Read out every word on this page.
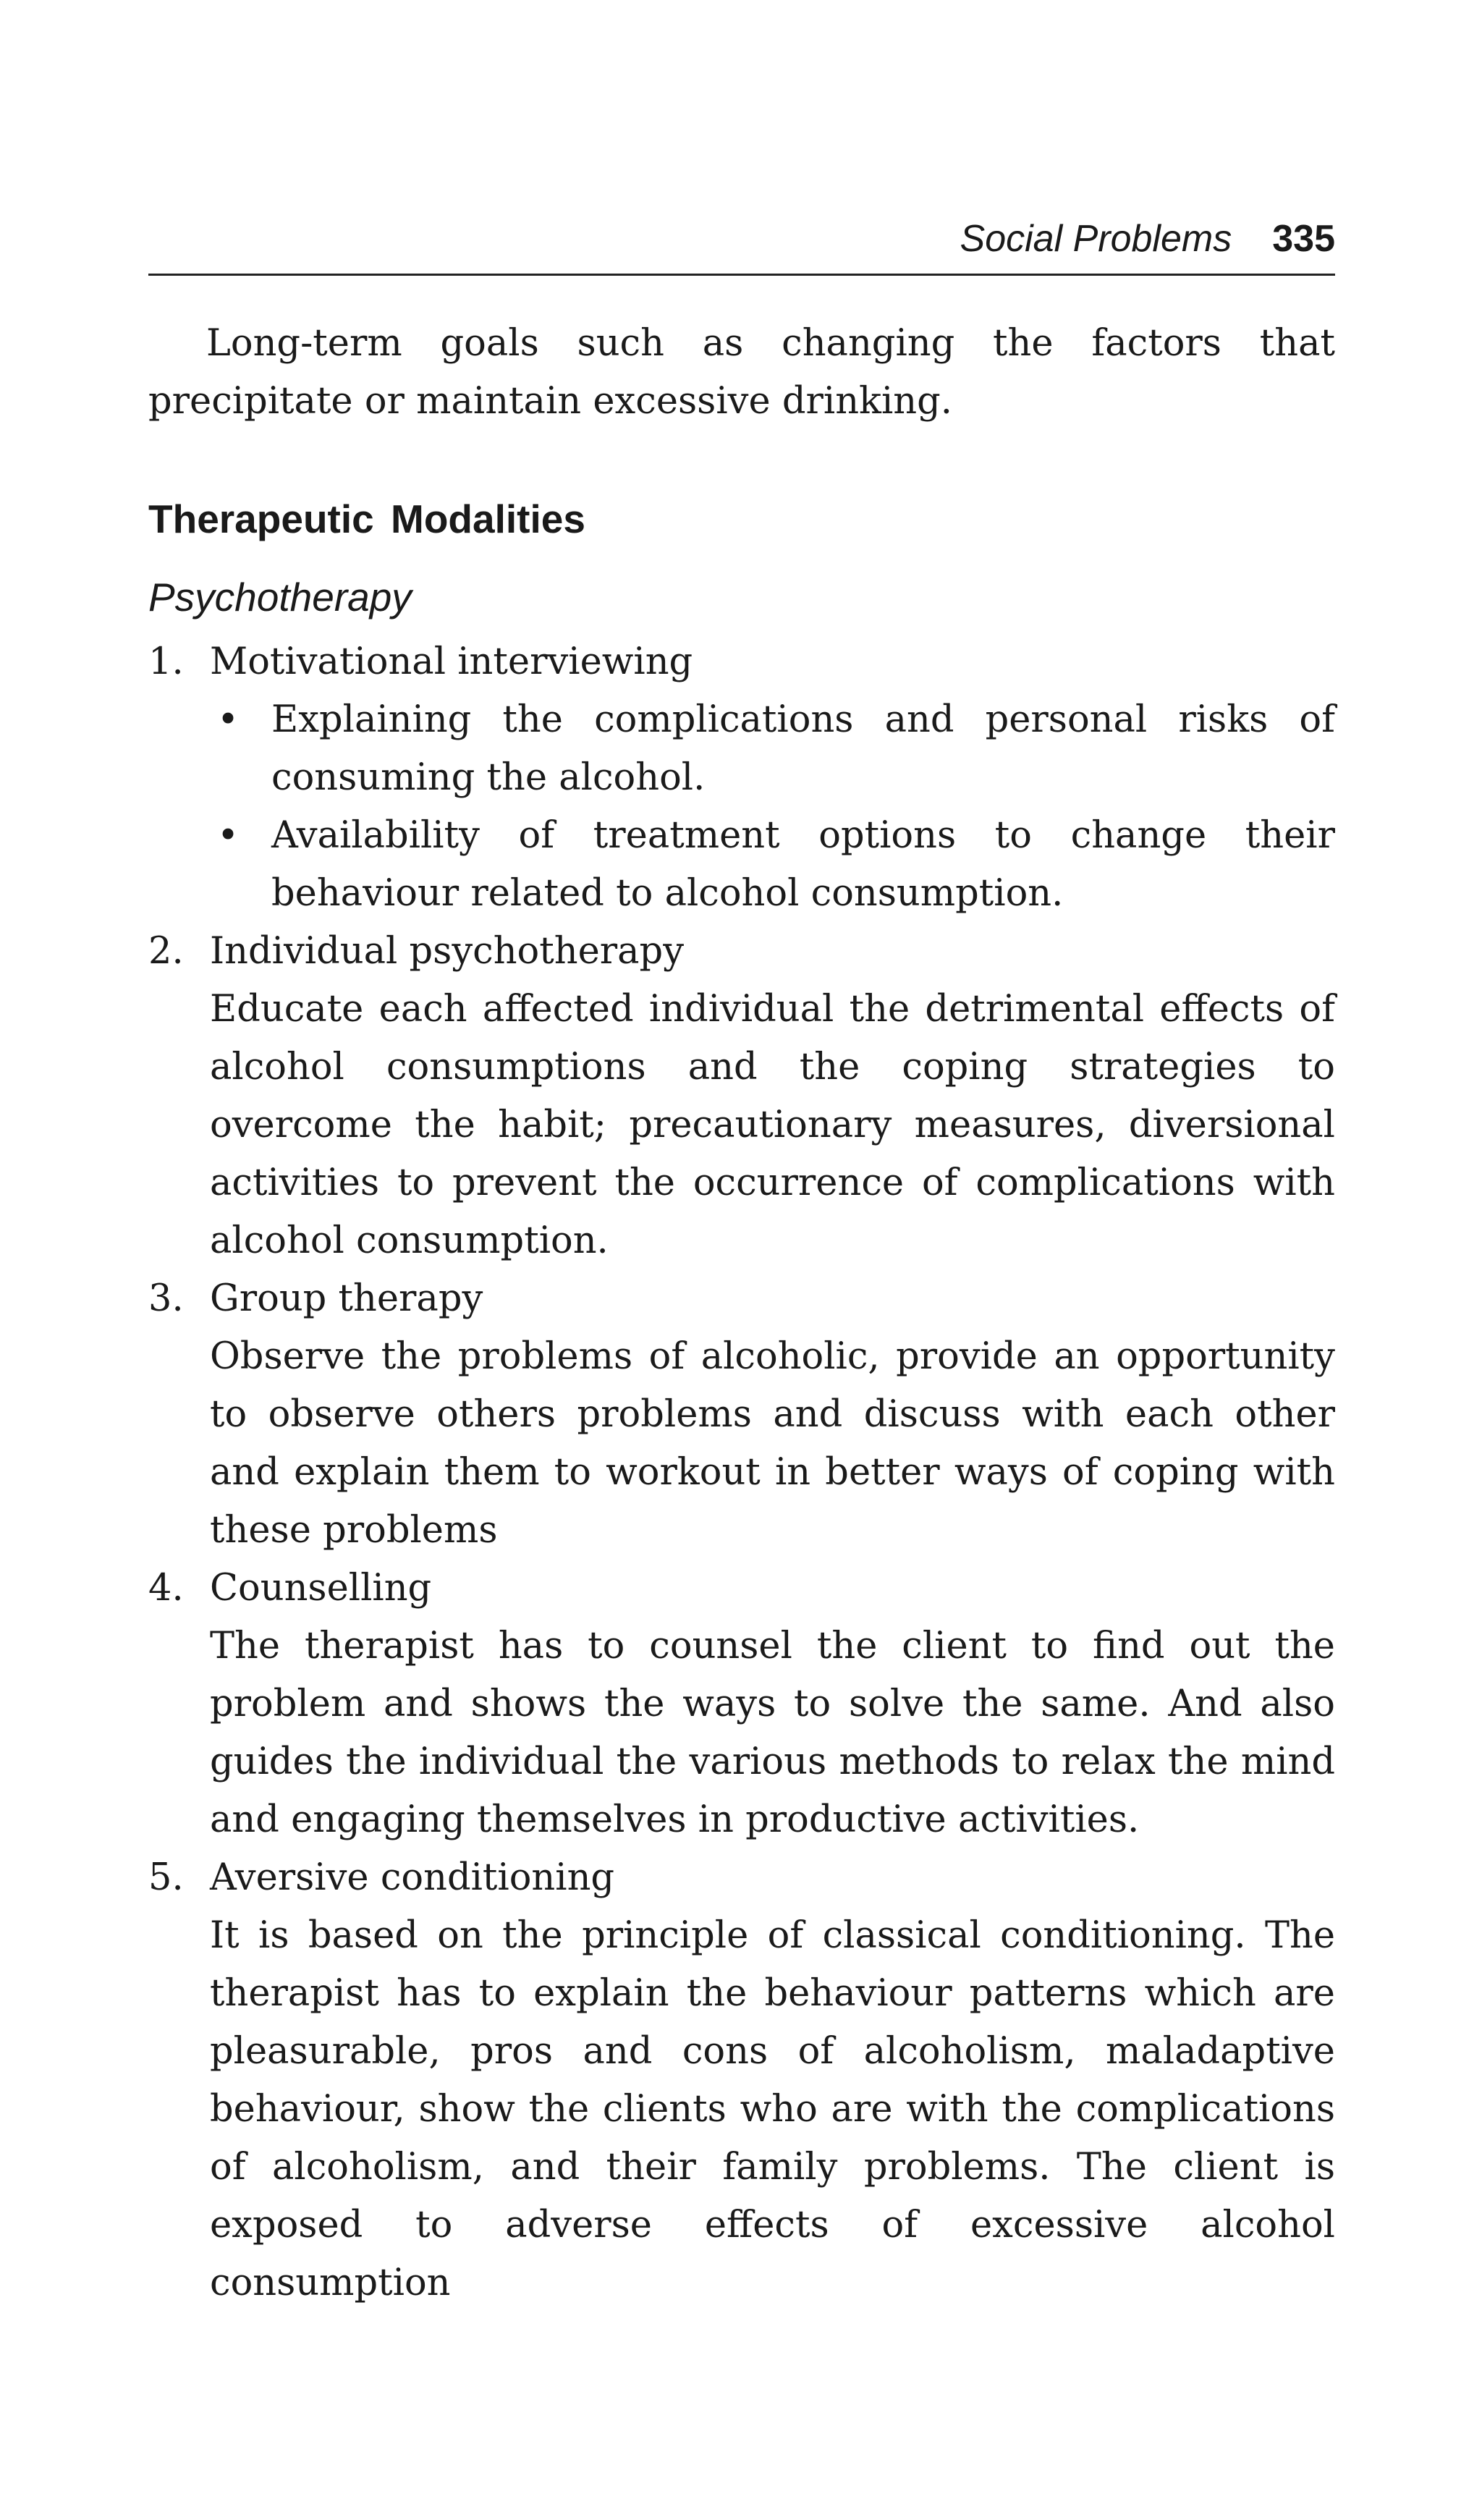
Social Problems 335

Long-term goals such as changing the factors that precipitate or maintain excessive drinking.

Therapeutic Modalities
Psychotherapy
1. Motivational interviewing
• Explaining the complications and personal risks of consuming the alcohol.
• Availability of treatment options to change their behaviour related to alcohol consumption.
2. Individual psychotherapy
Educate each affected individual the detrimental effects of alcohol consumptions and the coping strategies to overcome the habit; precautionary measures, diversional activities to prevent the occurrence of complications with alcohol consumption.
3. Group therapy
Observe the problems of alcoholic, provide an opportunity to observe others problems and discuss with each other and explain them to workout in better ways of coping with these problems
4. Counselling
The therapist has to counsel the client to find out the problem and shows the ways to solve the same. And also guides the individual the various methods to relax the mind and engaging themselves in productive activities.
5. Aversive conditioning
It is based on the principle of classical conditioning. The therapist has to explain the behaviour patterns which are pleasurable, pros and cons of alcoholism, maladaptive behaviour, show the clients who are with the complications of alcoholism, and their family problems. The client is exposed to adverse effects of excessive alcohol consumption
